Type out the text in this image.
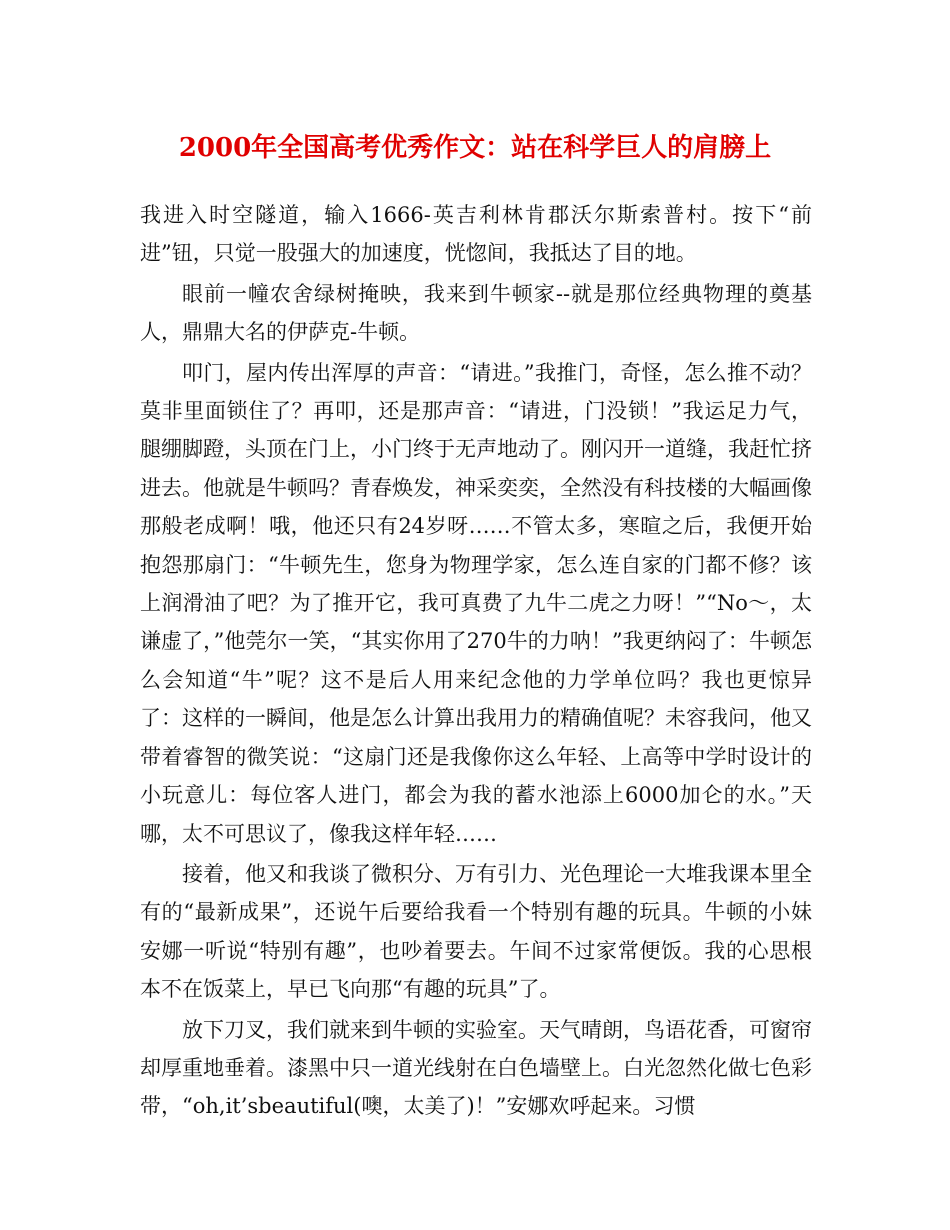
2000年全国高考优秀作文：站在科学巨人的肩膀上

我进入时空隧道，输入1666-英吉利林肯郡沃尔斯索普村。按下“前进”钮，只觉一股强大的加速度，恍惚间，我抵达了目的地。

眼前一幢农舍绿树掩映，我来到牛顿家--就是那位经典物理的奠基人，鼎鼎大名的伊萨克-牛顿。

叩门，屋内传出浑厚的声音：“请进。”我推门，奇怪，怎么推不动？莫非里面锁住了？再叩，还是那声音：“请进，门没锁！”我运足力气，腿绷脚蹬，头顶在门上，小门终于无声地动了。刚闪开一道缝，我赶忙挤进去。他就是牛顿吗？青春焕发，神采奕奕，全然没有科技楼的大幅画像那般老成啊！哦，他还只有24岁呀……不管太多，寒暄之后，我便开始抱怨那扇门：“牛顿先生，您身为物理学家，怎么连自家的门都不修？该上润滑油了吧？为了推开它，我可真费了九牛二虎之力呀！”“No～，太谦虚了，”他莞尔一笑，“其实你用了270牛的力呐！”我更纳闷了：牛顿怎么会知道“牛”呢？这不是后人用来纪念他的力学单位吗？我也更惊异了：这样的一瞬间，他是怎么计算出我用力的精确值呢？未容我问，他又带着睿智的微笑说：“这扇门还是我像你这么年轻、上高等中学时设计的小玩意儿：每位客人进门，都会为我的蓄水池添上6000加仑的水。”天哪，太不可思议了，像我这样年轻……

接着，他又和我谈了微积分、万有引力、光色理论一大堆我课本里全有的“最新成果”，还说午后要给我看一个特别有趣的玩具。牛顿的小妹安娜一听说“特别有趣”，也吵着要去。午间不过家常便饭。我的心思根本不在饭菜上，早已飞向那“有趣的玩具”了。

放下刀叉，我们就来到牛顿的实验室。天气晴朗，鸟语花香，可窗帘却厚重地垂着。漆黑中只一道光线射在白色墙壁上。白光忽然化做七色彩带，“oh,it’sbeautiful(噢，太美了)！”安娜欢呼起来。习惯
